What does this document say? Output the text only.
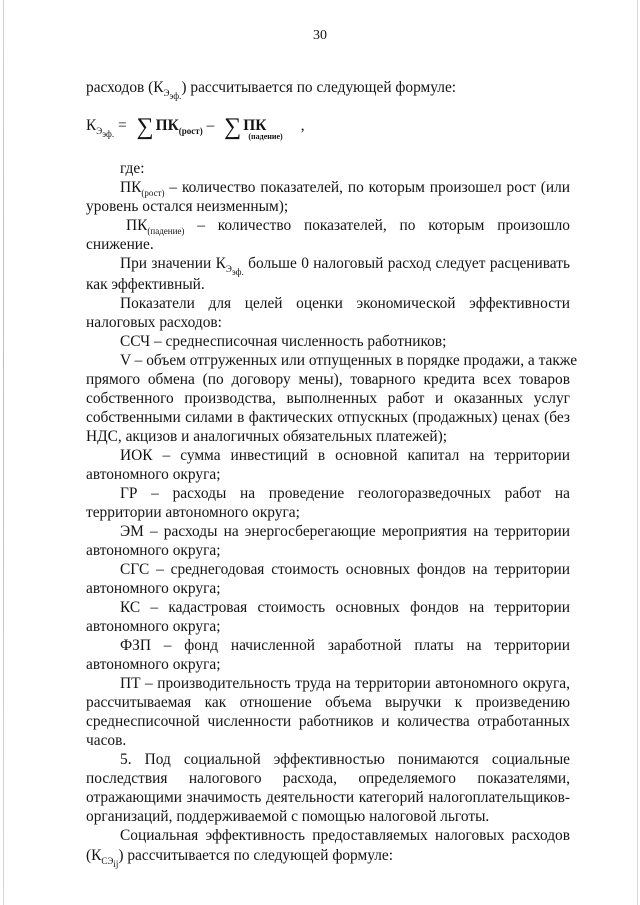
30
расходов $(К_{Э_{эф.}})$ рассчитывается по следующей формуле:
$К_{Э_{эф.}}$ = ∑ $ПК_{(рост)}$ – ∑ $ПК_{(падение)}$,
где:
$ПК_{(рост)}$ – количество показателей, по которым произошел рост (или
уровень остался неизменным);
$ПК_{(падение)}$ – количество показателей, по которым произошло
снижение.
При значении $К_{Э_{эф.}}$ больше 0 налоговый расход следует расценивать
как эффективный.
Показатели для целей оценки экономической эффективности
налоговых расходов:
ССЧ – среднесписочная численность работников;
V – объем отгруженных или отпущенных в порядке продажи, а также
прямого обмена (по договору мены), товарного кредита всех товаров
собственного производства, выполненных работ и оказанных услуг
собственными силами в фактических отпускных (продажных) ценах (без
НДС, акцизов и аналогичных обязательных платежей);
ИОК – сумма инвестиций в основной капитал на территории
автономного округа;
ГР – расходы на проведение геологоразведочных работ на
территории автономного округа;
ЭМ – расходы на энергосберегающие мероприятия на территории
автономного округа;
СГС – среднегодовая стоимость основных фондов на территории
автономного округа;
КС – кадастровая стоимость основных фондов на территории
автономного округа;
ФЗП – фонд начисленной заработной платы на территории
автономного округа;
ПТ – производительность труда на территории автономного округа,
рассчитываемая как отношение объема выручки к произведению
среднесписочной численности работников и количества отработанных
часов.
5. Под социальной эффективностью понимаются социальные
последствия налогового расхода, определяемого показателями,
отражающими значимость деятельности категорий налогоплательщиков-
организаций, поддерживаемой с помощью налоговой льготы.
Социальная эффективность предоставляемых налоговых расходов
$(К_{СЭ_{ij}})$ рассчитывается по следующей формуле:
